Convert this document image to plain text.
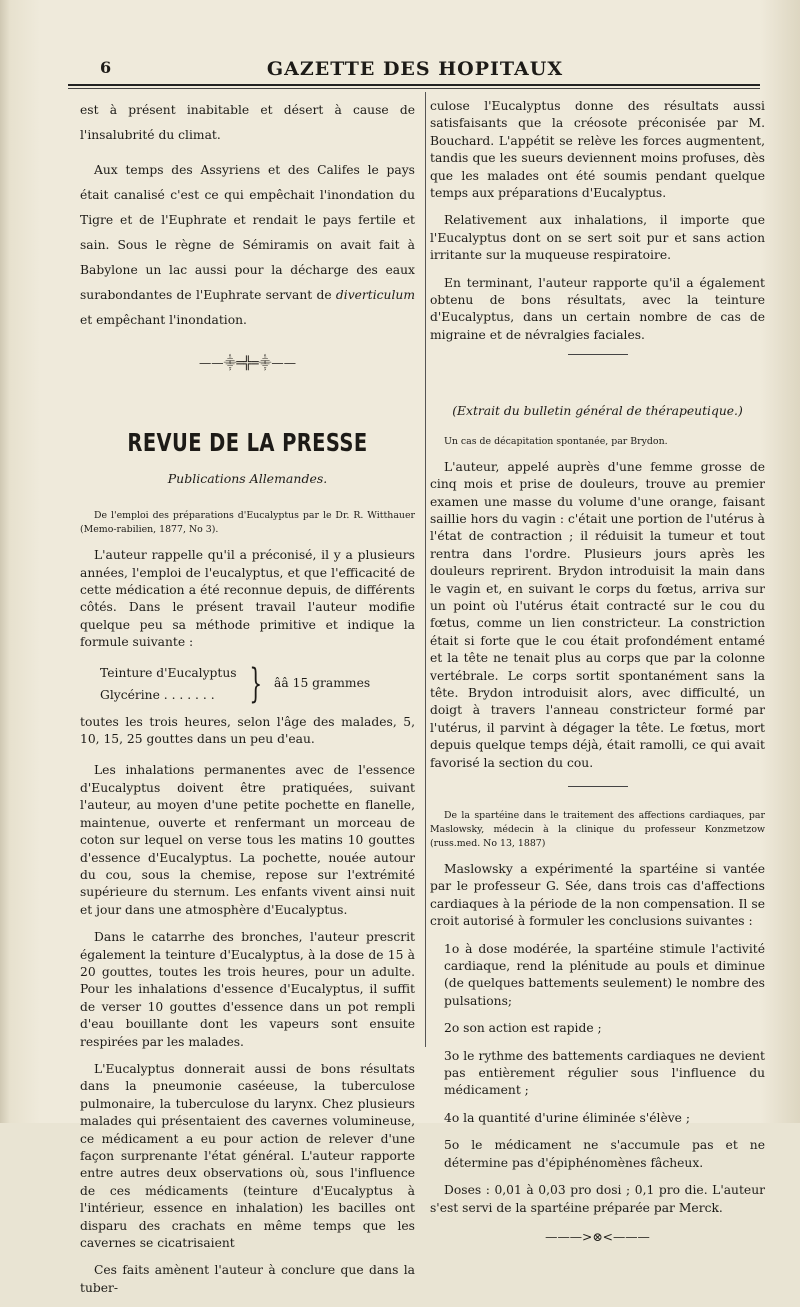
6	GAZETTE DES HOPITAUX

est à présent inabitable et désert à cause de l'insalubrité du climat.

Aux temps des Assyriens et des Califes le pays était canalisé c'est ce qui empêchait l'inondation du Tigre et de l'Euphrate et rendait le pays fertile et sain. Sous le règne de Sémiramis on avait fait à Babylone un lac aussi pour la décharge des eaux surabondantes de l'Euphrate servant de diverticulum et empêchant l'inondation.

——⸎═╬═⸎——
REVUE DE LA PRESSE
Publications Allemandes.

De l'emploi des préparations d'Eucalyptus par le Dr. R. Witthauer (Memo-rabilien, 1877, No 3).

L'auteur rappelle qu'il a préconisé, il y a plusieurs années, l'emploi de l'eucalyptus, et que l'efficacité de cette médication a été reconnue depuis, de différents côtés. Dans le présent travail l'auteur modifie quelque peu sa méthode primitive et indique la formule suivante :

Teinture d'Eucalyptus
Glycérine . . . . . . . } ââ 15 grammes

toutes les trois heures, selon l'âge des malades, 5, 10, 15, 25 gouttes dans un peu d'eau.

Les inhalations permanentes avec de l'essence d'Eucalyptus doivent être pratiquées, suivant l'auteur, au moyen d'une petite pochette en flanelle, maintenue, ouverte et renfermant un morceau de coton sur lequel on verse tous les matins 10 gouttes d'essence d'Eucalyptus. La pochette, nouée autour du cou, sous la chemise, repose sur l'extrémité supérieure du sternum. Les enfants vivent ainsi nuit et jour dans une atmosphère d'Eucalyptus.

Dans le catarrhe des bronches, l'auteur prescrit également la teinture d'Eucalyptus, à la dose de 15 à 20 gouttes, toutes les trois heures, pour un adulte. Pour les inhalations d'essence d'Eucalyptus, il suffit de verser 10 gouttes d'essence dans un pot rempli d'eau bouillante dont les vapeurs sont ensuite respirées par les malades.

L'Eucalyptus donnerait aussi de bons résultats dans la pneumonie caséeuse, la tuberculose pulmonaire, la tuberculose du larynx. Chez plusieurs malades qui présentaient des cavernes volumineuse, ce médicament a eu pour action de relever d'une façon surprenante l'état général. L'auteur rapporte entre autres deux observations où, sous l'influence de ces médicaments (teinture d'Eucalyptus à l'intérieur, essence en inhalation) les bacilles ont disparu des crachats en même temps que les cavernes se cicatrisaient

Ces faits amènent l'auteur à conclure que dans la tuber-

culose l'Eucalyptus donne des résultats aussi satisfaisants que la créosote préconisée par M. Bouchard. L'appétit se relève les forces augmentent, tandis que les sueurs deviennent moins profuses, dès que les malades ont été soumis pendant quelque temps aux préparations d'Eucalyptus.

Relativement aux inhalations, il importe que l'Eucalyptus dont on se sert soit pur et sans action irritante sur la muqueuse respiratoire.

En terminant, l'auteur rapporte qu'il a également obtenu de bons résultats, avec la teinture d'Eucalyptus, dans un certain nombre de cas de migraine et de névralgies faciales.

(Extrait du bulletin général de thérapeutique.)

Un cas de décapitation spontanée, par Brydon.

L'auteur, appelé auprès d'une femme grosse de cinq mois et prise de douleurs, trouve au premier examen une masse du volume d'une orange, faisant saillie hors du vagin : c'était une portion de l'utérus à l'état de contraction ; il réduisit la tumeur et tout rentra dans l'ordre. Plusieurs jours après les douleurs reprirent. Brydon introduisit la main dans le vagin et, en suivant le corps du fœtus, arriva sur un point où l'utérus était contracté sur le cou du fœtus, comme un lien constricteur. La constriction était si forte que le cou était profondément entamé et la tête ne tenait plus au corps que par la colonne vertébrale. Le corps sortit spontanément sans la tête. Brydon introduisit alors, avec difficulté, un doigt à travers l'anneau constricteur formé par l'utérus, il parvint à dégager la tête. Le fœtus, mort depuis quelque temps déjà, était ramolli, ce qui avait favorisé la section du cou.

De la spartéine dans le traitement des affections cardiaques, par Maslowsky, médecin à la clinique du professeur Konzmetzow (russ.med. No 13, 1887)

Maslowsky a expérimenté la spartéine si vantée par le professeur G. Sée, dans trois cas d'affections cardiaques à la période de la non compensation. Il se croit autorisé à formuler les conclusions suivantes :

1o à dose modérée, la spartéine stimule l'activité cardiaque, rend la plénitude au pouls et diminue (de quelques battements seulement) le nombre des pulsations;

2o son action est rapide ;

3o le rythme des battements cardiaques ne devient pas entièrement régulier sous l'influence du médicament ;

4o la quantité d'urine éliminée s'élève ;

5o le médicament ne s'accumule pas et ne détermine pas d'épiphénomènes fâcheux.

Doses : 0,01 à 0,03 pro dosi ; 0,1 pro die. L'auteur s'est servi de la spartéine préparée par Merck.

———>⊗<———
